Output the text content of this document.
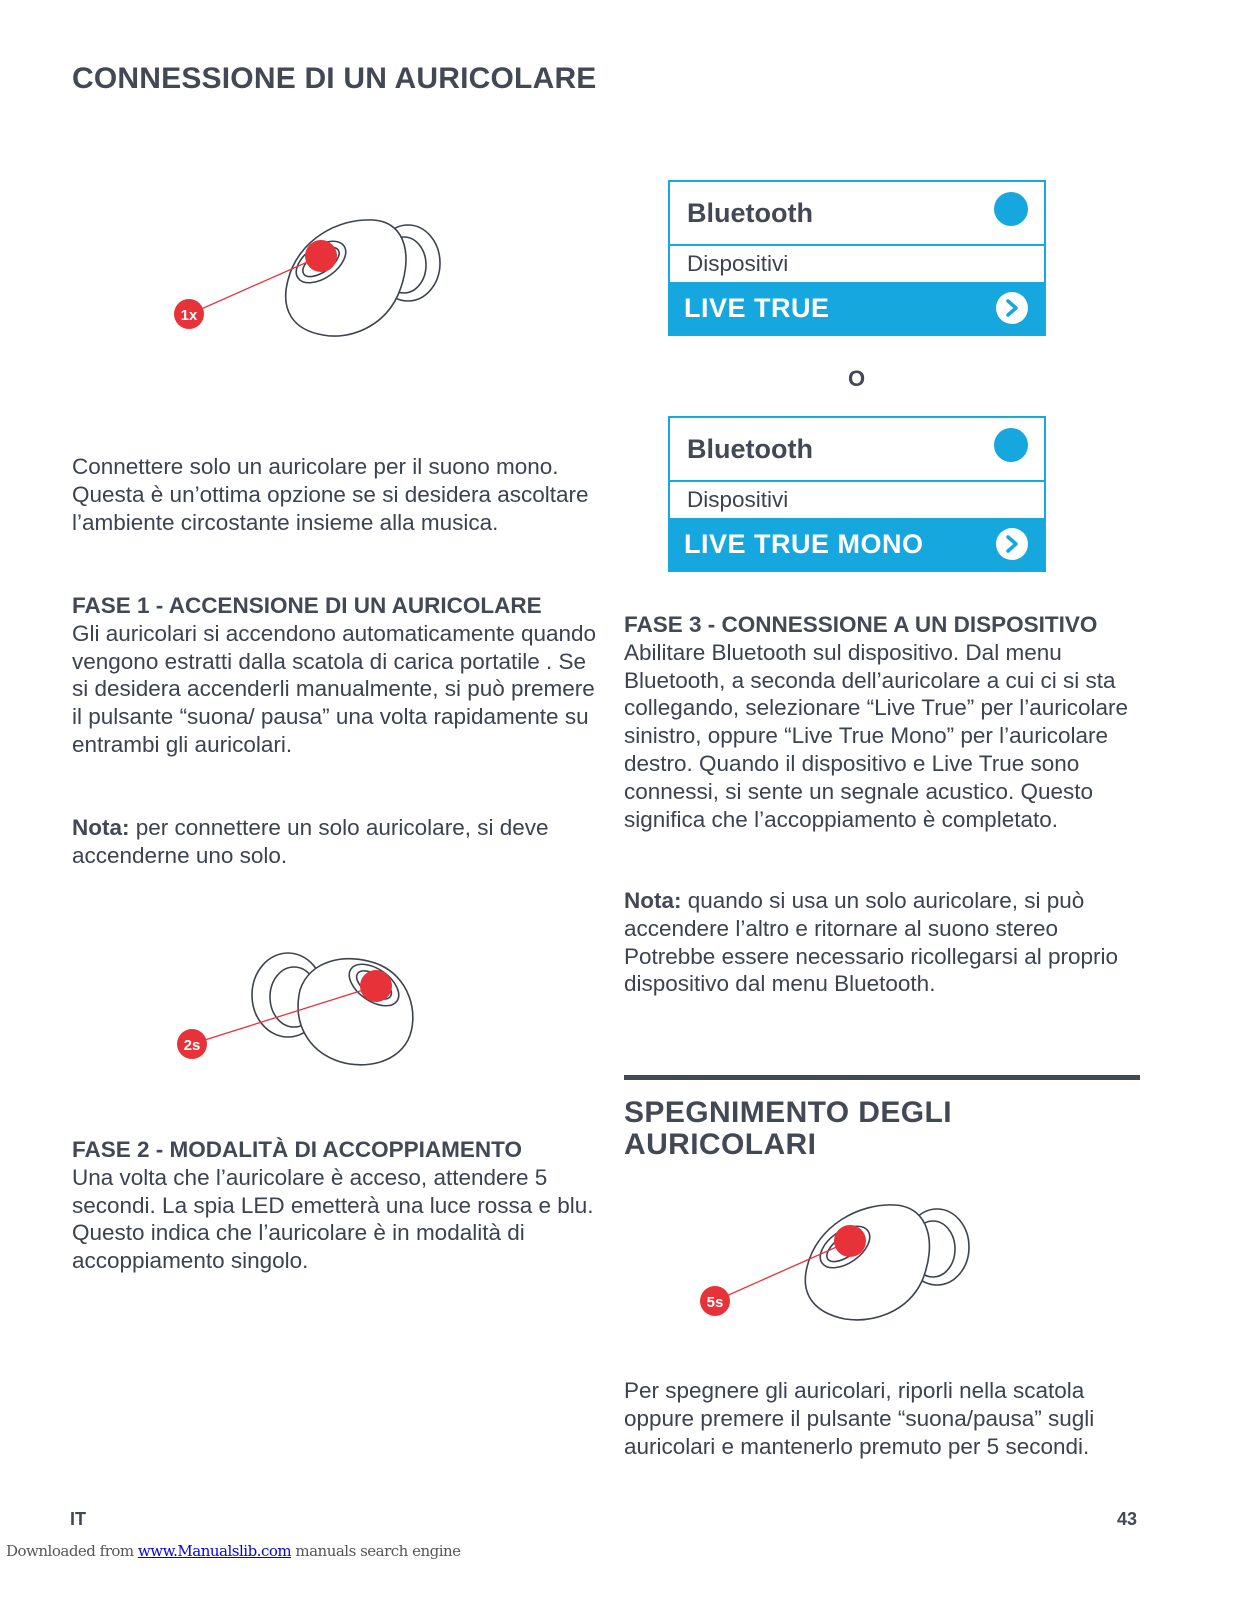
CONNESSIONE DI UN AURICOLARE
1x

Connettere solo un auricolare per il suono mono. Questa è un’ottima opzione se si desidera ascoltare l’ambiente circostante insieme alla musica.

FASE 1 - ACCENSIONE DI UN AURICOLARE
Gli auricolari si accendono automaticamente quando vengono estratti dalla scatola di carica portatile . Se si desidera accenderli manualmente, si può premere il pulsante “suona/ pausa” una volta rapidamente su entrambi gli auricolari.

Nota: per connettere un solo auricolare, si deve accenderne uno solo.

2s
FASE 2 - MODALITÀ DI ACCOPPIAMENTO
Una volta che l’auricolare è acceso, attendere 5 secondi. La spia LED emetterà una luce rossa e blu. Questo indica che l’auricolare è in modalità di accoppiamento singolo.
Bluetooth
Dispositivi
LIVE TRUE
O
Bluetooth
Dispositivi
LIVE TRUE MONO
FASE 3 - CONNESSIONE A UN DISPOSITIVO
Abilitare Bluetooth sul dispositivo. Dal menu Bluetooth, a seconda dell’auricolare a cui ci si sta collegando, selezionare “Live True” per l’auricolare sinistro, oppure “Live True Mono” per l’auricolare destro. Quando il dispositivo e Live True sono connessi, si sente un segnale acustico. Questo significa che l’accoppiamento è completato.

Nota: quando si usa un solo auricolare, si può accendere l’altro e ritornare al suono stereo Potrebbe essere necessario ricollegarsi al proprio dispositivo dal menu Bluetooth.

SPEGNIMENTO DEGLI
AURICOLARI
5s

Per spegnere gli auricolari, riporli nella scatola oppure premere il pulsante “suona/pausa” sugli auricolari e mantenerlo premuto per 5 secondi.

IT	43
Downloaded from www.Manualslib.com manuals search engine
